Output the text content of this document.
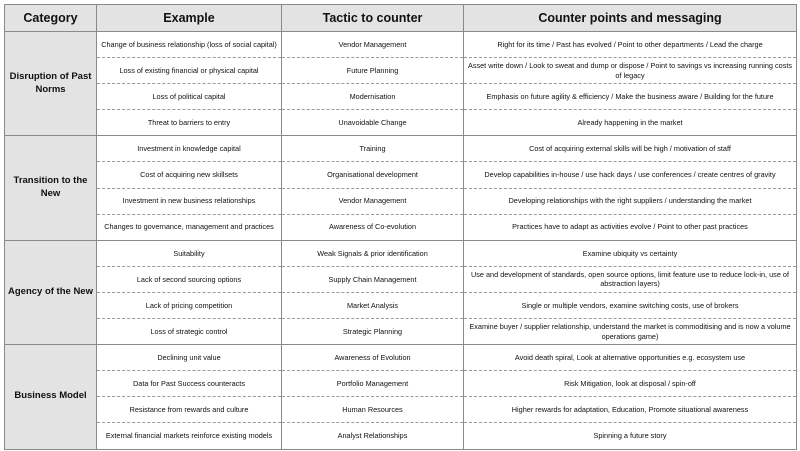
Category	Example	Tactic to counter	Counter points and messaging
Disruption of Past Norms	Change of business relationship (loss of social capital)	Vendor Management	Right for its time / Past has evolved / Point to other departments / Lead the charge
	Loss of existing financial or physical capital	Future Planning	Asset write down / Look to sweat and dump or dispose / Point to savings vs increasing running costs of legacy
	Loss of political capital	Modernisation	Emphasis on future agility & efficiency / Make the business aware / Building for the future
	Threat to barriers to entry	Unavoidable Change	Already happening in the market
Transition to the New	Investment in knowledge capital	Training	Cost of acquiring external skills will be high / motivation of staff
	Cost of acquiring new skillsets	Organisational development	Develop capabilities in-house / use hack days / use conferences / create centres of gravity
	Investment in new business relationships	Vendor Management	Developing relationships with the right suppliers / understanding the market
	Changes to governance, management and practices	Awareness of Co-evolution	Practices have to adapt as activities evolve / Point to other past practices
Agency of the New	Suitability	Weak Signals & prior identification	Examine ubiquity vs certainty
	Lack of second sourcing options	Supply Chain Management	Use and development of standards, open source options, limit feature use to reduce lock-in, use of abstraction layers)
	Lack of pricing competition	Market Analysis	Single or multiple vendors, examine switching costs, use of brokers
	Loss of strategic control	Strategic Planning	Examine buyer / supplier relationship, understand the market is commoditising and is now a volume operations game)
Business Model	Declining unit value	Awareness of Evolution	Avoid death spiral, Look at alternative opportunities e.g. ecosystem use
	Data for Past Success counteracts	Portfolio Management	Risk Mitigation, look at disposal / spin-off
	Resistance from rewards and culture	Human Resources	Higher rewards for adaptation, Education, Promote situational awareness
	External financial markets reinforce existing models	Analyst Relationships	Spinning a future story
